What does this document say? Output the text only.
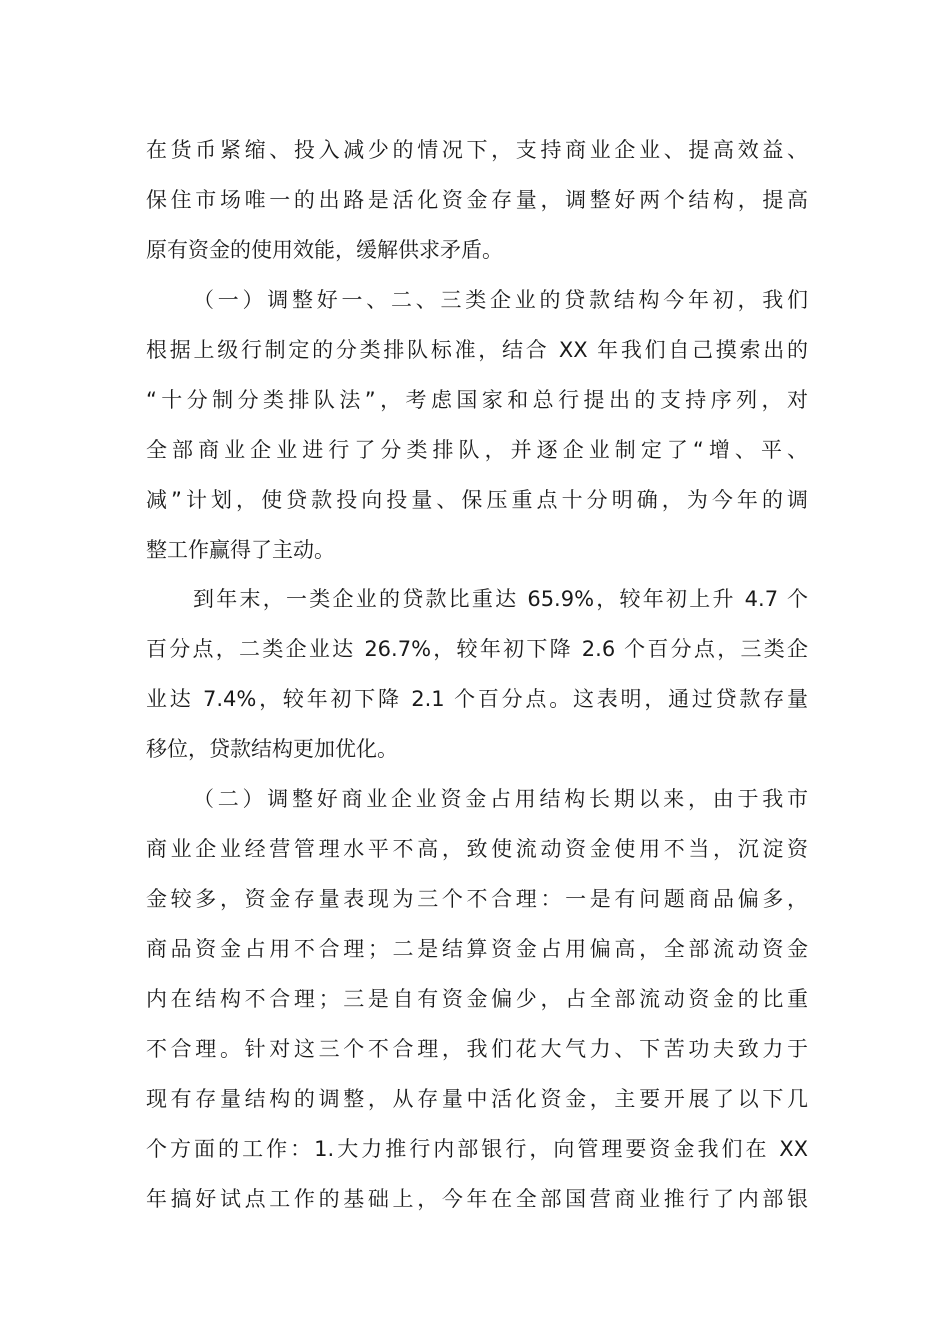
在货币紧缩、投入减少的情况下，支持商业企业、提高效益、
保住市场唯一的出路是活化资金存量，调整好两个结构，提高
原有资金的使用效能，缓解供求矛盾。
（一）调整好一、二、三类企业的贷款结构今年初，我们
根据上级行制定的分类排队标准，结合 XX 年我们自己摸索出的
“十分制分类排队法”，考虑国家和总行提出的支持序列，对
全部商业企业进行了分类排队，并逐企业制定了“增、平、
减”计划，使贷款投向投量、保压重点十分明确，为今年的调
整工作赢得了主动。
到年末，一类企业的贷款比重达 65.9%，较年初上升 4.7 个
百分点，二类企业达 26.7%，较年初下降 2.6 个百分点，三类企
业达 7.4%，较年初下降 2.1 个百分点。这表明，通过贷款存量
移位，贷款结构更加优化。
（二）调整好商业企业资金占用结构长期以来，由于我市
商业企业经营管理水平不高，致使流动资金使用不当，沉淀资
金较多，资金存量表现为三个不合理：一是有问题商品偏多，
商品资金占用不合理；二是结算资金占用偏高，全部流动资金
内在结构不合理；三是自有资金偏少，占全部流动资金的比重
不合理。针对这三个不合理，我们花大气力、下苦功夫致力于
现有存量结构的调整，从存量中活化资金，主要开展了以下几
个方面的工作：1.大力推行内部银行，向管理要资金我们在 XX
年搞好试点工作的基础上，今年在全部国营商业推行了内部银
